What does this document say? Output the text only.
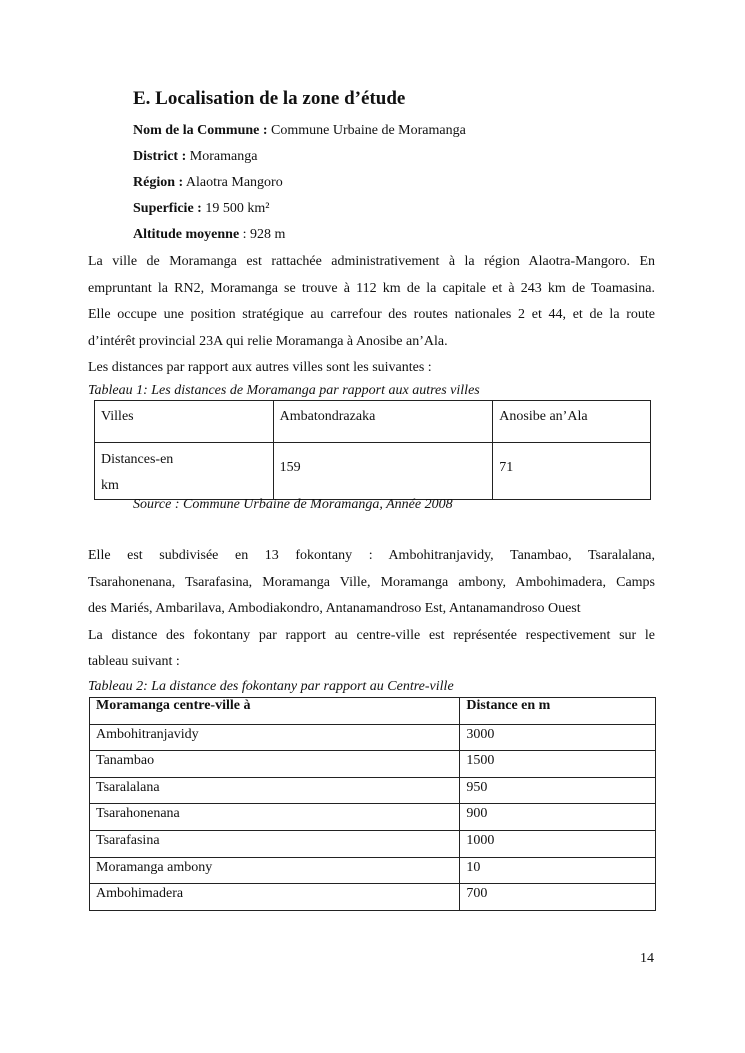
E. Localisation de la zone d’étude
Nom de la Commune : Commune Urbaine de Moramanga
District : Moramanga
Région : Alaotra Mangoro
Superficie : 19 500 km²
Altitude moyenne : 928 m
La ville de Moramanga est rattachée administrativement à la région Alaotra-Mangoro. En
empruntant la RN2, Moramanga se trouve à 112 km de la capitale et à 243 km de Toamasina.
Elle occupe une position stratégique au carrefour des routes nationales 2 et 44, et de la route
d’intérêt provincial 23A qui relie Moramanga à Anosibe an’Ala.
Les distances par rapport aux autres villes sont les suivantes :
Tableau 1: Les distances de Moramanga par rapport aux autres villes
Villes	Ambatondrazaka	Anosibe an’Ala
Distances-en
km	159	71
Source : Commune Urbaine de Moramanga, Année 2008
Elle est subdivisée en 13 fokontany : Ambohitranjavidy, Tanambao, Tsaralalana,
Tsarahonenana, Tsarafasina, Moramanga Ville, Moramanga ambony, Ambohimadera, Camps
des Mariés, Ambarilava, Ambodiakondro, Antanamandroso Est, Antanamandroso Ouest
La distance des fokontany par rapport au centre-ville est représentée respectivement sur le
tableau suivant :
Tableau 2: La distance des fokontany par rapport au Centre-ville
Moramanga centre-ville à	Distance en m
Ambohitranjavidy	3000
Tanambao	1500
Tsaralalana	950
Tsarahonenana	900
Tsarafasina	1000
Moramanga ambony	10
Ambohimadera	700
14
